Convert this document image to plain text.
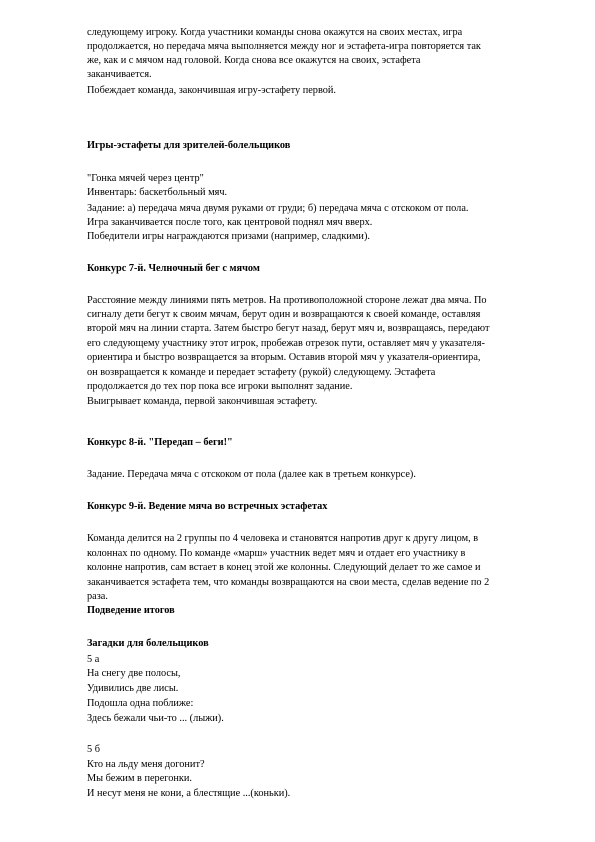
следующему игроку. Когда участники команды снова окажутся на своих местах, игра
продолжается, но передача мяча выполняется между ног и эстафета-игра повторяется так
же, как и с мячом над головой. Когда снова все окажутся на своих, эстафета
заканчивается.
Побеждает команда, закончившая игру-эстафету первой.
Игры-эстафеты для зрителей-болельщиков
"Гонка мячей через центр"
Инвентарь: баскетбольный мяч.
Задание: а) передача мяча двумя руками от груди; б) передача мяча с отскоком от пола.
Игра заканчивается после того, как центровой поднял мяч вверх.
Победители игры награждаются призами (например, сладкими).
Конкурс 7-й. Челночный бег с мячом
Расстояние между линиями пять метров. На противоположной стороне лежат два мяча. По
сигналу дети бегут к своим мячам, берут один и возвращаются к своей команде, оставляя
второй мяч на линии старта. Затем быстро бегут назад, берут мяч и, возвращаясь, передают
его следующему участнику этот игрок, пробежав отрезок пути, оставляет мяч у указателя-
ориентира и быстро возвращается за вторым. Оставив второй мяч у указателя-ориентира,
он возвращается к команде и передает эстафету (рукой) следующему. Эстафета
продолжается до тех пор пока все игроки выполнят задание.
Выигрывает команда, первой закончившая эстафету.
Конкурс 8-й. "Передап – беги!"
Задание. Передача мяча с отскоком от пола (далее как в третьем конкурсе).
Конкурс 9-й. Ведение мяча во встречных эстафетах
Команда делится на 2 группы по 4 человека и становятся напротив друг к другу лицом, в
колоннах по одному. По команде «марш» участник ведет мяч и отдает его участнику в
колонне напротив, сам встает в конец этой же колонны. Следующий делает то же самое и
заканчивается эстафета тем, что команды возвращаются на свои места, сделав ведение по 2
раза.
Подведение итогов
Загадки для болельщиков
5 а
На снегу две полосы,
Удивились две лисы.
Подошла одна поближе:
Здесь бежали чьи-то ... (лыжи).
5 б
Кто на льду меня догонит?
Мы бежим в перегонки.
И несут меня не кони, а блестящие ...(коньки).
